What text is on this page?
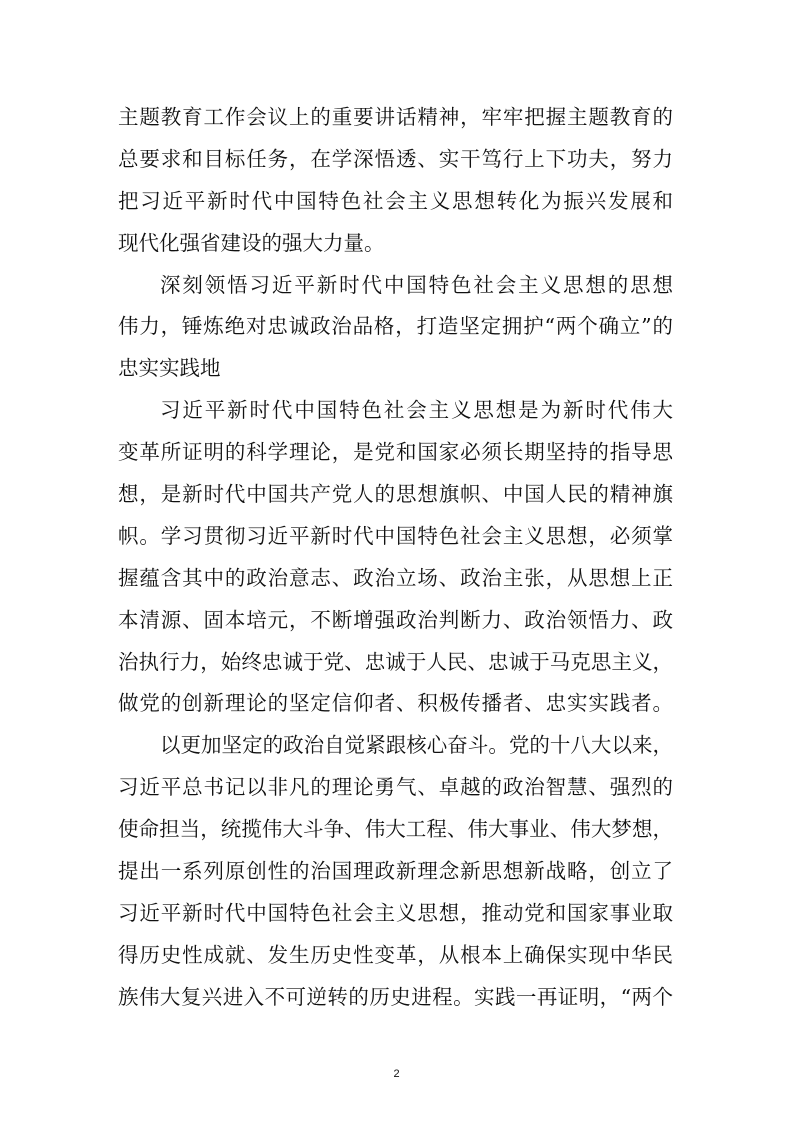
主题教育工作会议上的重要讲话精神，牢牢把握主题教育的
总要求和目标任务，在学深悟透、实干笃行上下功夫，努力
把习近平新时代中国特色社会主义思想转化为振兴发展和
现代化强省建设的强大力量。
深刻领悟习近平新时代中国特色社会主义思想的思想
伟力，锤炼绝对忠诚政治品格，打造坚定拥护“两个确立”的
忠实实践地
习近平新时代中国特色社会主义思想是为新时代伟大
变革所证明的科学理论，是党和国家必须长期坚持的指导思
想，是新时代中国共产党人的思想旗帜、中国人民的精神旗
帜。学习贯彻习近平新时代中国特色社会主义思想，必须掌
握蕴含其中的政治意志、政治立场、政治主张，从思想上正
本清源、固本培元，不断增强政治判断力、政治领悟力、政
治执行力，始终忠诚于党、忠诚于人民、忠诚于马克思主义，
做党的创新理论的坚定信仰者、积极传播者、忠实实践者。
以更加坚定的政治自觉紧跟核心奋斗。党的十八大以来，
习近平总书记以非凡的理论勇气、卓越的政治智慧、强烈的
使命担当，统揽伟大斗争、伟大工程、伟大事业、伟大梦想，
提出一系列原创性的治国理政新理念新思想新战略，创立了
习近平新时代中国特色社会主义思想，推动党和国家事业取
得历史性成就、发生历史性变革，从根本上确保实现中华民
族伟大复兴进入不可逆转的历史进程。实践一再证明，“两个
2
